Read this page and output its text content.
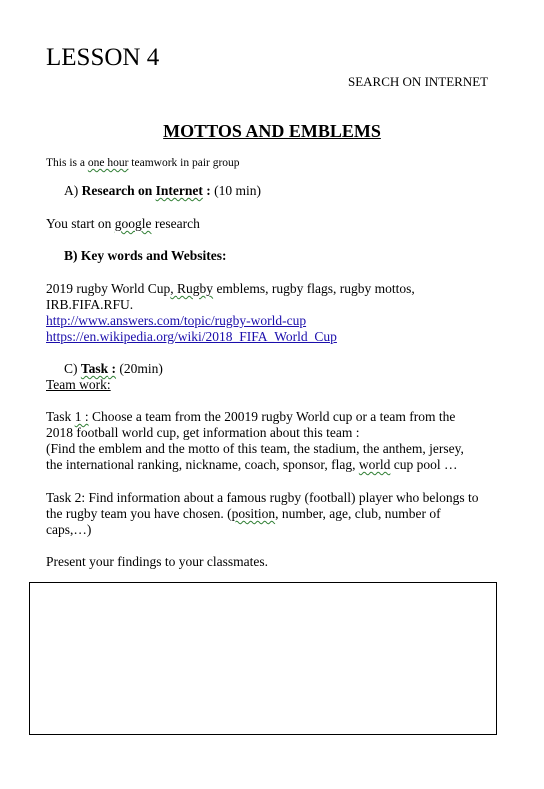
LESSON 4
SEARCH ON INTERNET
MOTTOS AND EMBLEMS
This is a one hour teamwork in pair group
A) Research on Internet : (10 min)
You start on google research
B) Key words and Websites:
2019 rugby World Cup, Rugby emblems, rugby flags, rugby mottos,
IRB.FIFA.RFU.
http://www.answers.com/topic/rugby-world-cup
https://en.wikipedia.org/wiki/2018_FIFA_World_Cup
C) Task : (20min)
Team work:
Task 1 : Choose a team from the 20019 rugby World cup or a team from the
2018 football world cup, get information about this team :
(Find the emblem and the motto of this team, the stadium, the anthem, jersey,
the international ranking, nickname, coach, sponsor, flag, world cup pool …
Task 2: Find information about a famous rugby (football) player who belongs to
the rugby team you have chosen. (position, number, age, club, number of
caps,…)
Present your findings to your classmates.
